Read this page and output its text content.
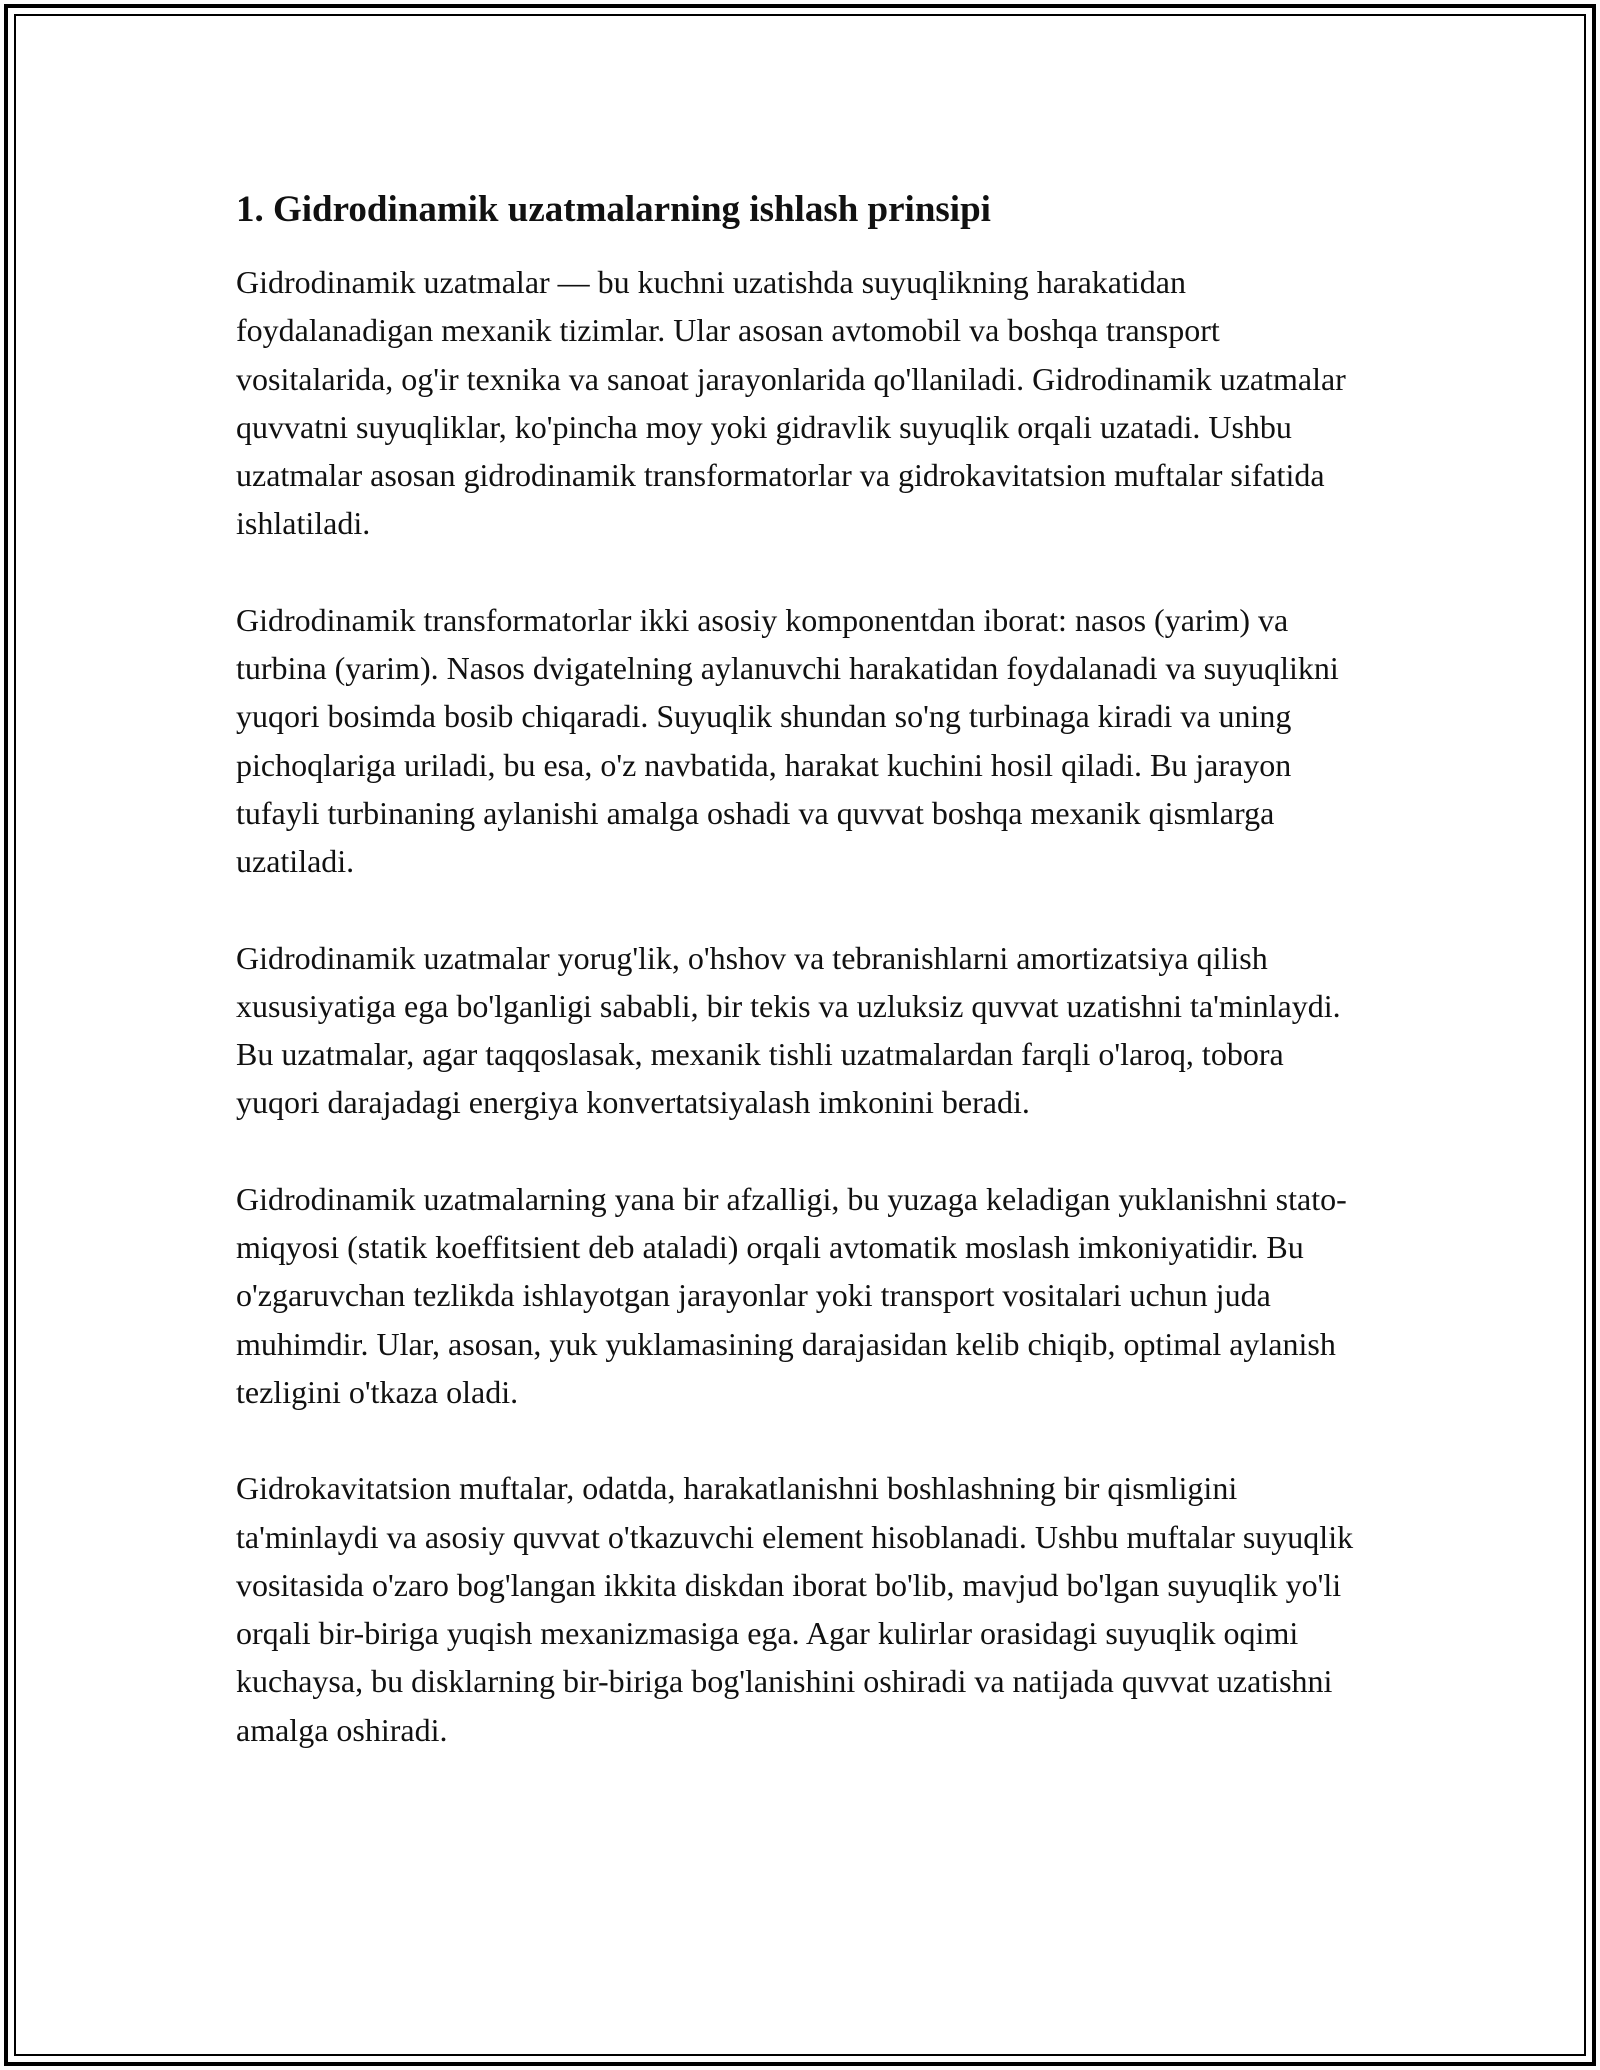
1. Gidrodinamik uzatmalarning ishlash prinsipi

Gidrodinamik uzatmalar — bu kuchni uzatishda suyuqlikning harakatidan foydalanadigan mexanik tizimlar. Ular asosan avtomobil va boshqa transport vositalarida, og'ir texnika va sanoat jarayonlarida qo'llaniladi. Gidrodinamik uzatmalar quvvatni suyuqliklar, ko'pincha moy yoki gidravlik suyuqlik orqali uzatadi. Ushbu uzatmalar asosan gidrodinamik transformatorlar va gidrokavitatsion muftalar sifatida ishlatiladi.

Gidrodinamik transformatorlar ikki asosiy komponentdan iborat: nasos (yarim) va turbina (yarim). Nasos dvigatelning aylanuvchi harakatidan foydalanadi va suyuqlikni yuqori bosimda bosib chiqaradi. Suyuqlik shundan so'ng turbinaga kiradi va uning pichoqlariga uriladi, bu esa, o'z navbatida, harakat kuchini hosil qiladi. Bu jarayon tufayli turbinaning aylanishi amalga oshadi va quvvat boshqa mexanik qismlarga uzatiladi.

Gidrodinamik uzatmalar yorug'lik, o'hshov va tebranishlarni amortizatsiya qilish xususiyatiga ega bo'lganligi sababli, bir tekis va uzluksiz quvvat uzatishni ta'minlaydi. Bu uzatmalar, agar taqqoslasak, mexanik tishli uzatmalardan farqli o'laroq, tobora yuqori darajadagi energiya konvertatsiyalash imkonini beradi.

Gidrodinamik uzatmalarning yana bir afzalligi, bu yuzaga keladigan yuklanishni stato-miqyosi (statik koeffitsient deb ataladi) orqali avtomatik moslash imkoniyatidir. Bu o'zgaruvchan tezlikda ishlayotgan jarayonlar yoki transport vositalari uchun juda muhimdir. Ular, asosan, yuk yuklamasining darajasidan kelib chiqib, optimal aylanish tezligini o'tkaza oladi.

Gidrokavitatsion muftalar, odatda, harakatlanishni boshlashning bir qismligini ta'minlaydi va asosiy quvvat o'tkazuvchi element hisoblanadi. Ushbu muftalar suyuqlik vositasida o'zaro bog'langan ikkita diskdan iborat bo'lib, mavjud bo'lgan suyuqlik yo'li orqali bir-biriga yuqish mexanizmasiga ega. Agar kulirlar orasidagi suyuqlik oqimi kuchaysa, bu disklarning bir-biriga bog'lanishini oshiradi va natijada quvvat uzatishni amalga oshiradi.
